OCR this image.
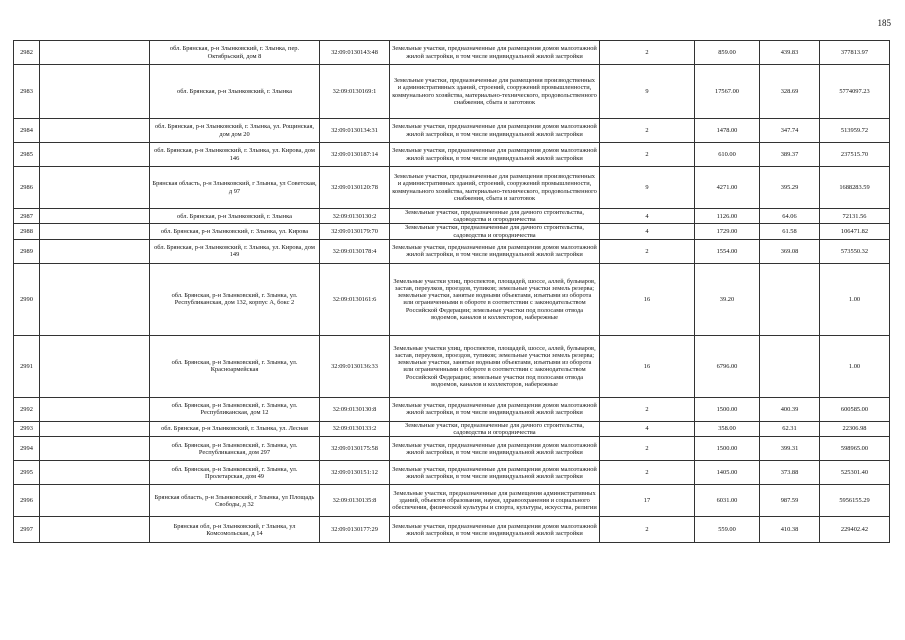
185
2982		обл. Брянская, р-н Злынковский, г. Злынка, пер. Октябрьский, дом 8	32:09:0130143:48	Земельные участки, предназначенные для размещения домов малоэтажной жилой застройки, в том числе индивидуальной жилой застройки	2	859.00	439.83	377813.97
2983		обл. Брянская, р-н Злынковский, г. Злынка	32:09:0130169:1	Земельные участки, предназначенные для размещения производственных и административных зданий, строений, сооружений промышленности, коммунального хозяйства, материально-технического, продовольственного снабжения, сбыта и заготовок	9	17567.00	328.69	5774097.23
2984		обл. Брянская, р-н Злынковский, г. Злынка, ул. Рощинская, дом дом 20	32:09:0130134:31	Земельные участки, предназначенные для размещения домов малоэтажной жилой застройки, в том числе индивидуальной жилой застройки	2	1478.00	347.74	513959.72
2985		обл. Брянская, р-н Злынковский, г. Злынка, ул. Кирова, дом 146	32:09:0130187:14	Земельные участки, предназначенные для размещения домов малоэтажной жилой застройки, в том числе индивидуальной жилой застройки	2	610.00	389.37	237515.70
2986		Брянская область, р-н Злынковский, г Злынка, ул Советская, д 97	32:09:0130120:78	Земельные участки, предназначенные для размещения производственных и административных зданий, строений, сооружений промышленности, коммунального хозяйства, материально-технического, продовольственного снабжения, сбыта и заготовок	9	4271.00	395.29	1688283.59
2987		обл. Брянская, р-н Злынковский, г. Злынка	32:09:0130130:2	Земельные участки, предназначенные для дачного строительства, садоводства и огородничества	4	1126.00	64.06	72131.56
2988		обл. Брянская, р-н Злынковский, г. Злынка, ул. Кирова	32:09:0130179:70	Земельные участки, предназначенные для дачного строительства, садоводства и огородничества	4	1729.00	61.58	106471.82
2989		обл. Брянская, р-н Злынковский, г. Злынка, ул. Кирова, дом 149	32:09:0130178:4	Земельные участки, предназначенные для размещения домов малоэтажной жилой застройки, в том числе индивидуальной жилой застройки	2	1554.00	369.08	573550.32
2990		обл. Брянская, р-н Злынковский, г. Злынка, ул. Республиканская, дом 132, корпус А, бокс 2	32:09:0130161:6	Земельные участки улиц, проспектов, площадей, шоссе, аллей, бульваров, застав, переулков, проездов, тупиков; земельные участки земель резерва; земельные участки, занятые водными объектами, изъятыми из оборота или ограниченными в обороте в соответствии с законодательством Российской Федерации; земельные участки под полосами отвода водоемов, каналов и коллекторов, набережные	16	39.20		1.00
2991		обл. Брянская, р-н Злынковский, г. Злынка, ул. Красноармейская	32:09:0130136:33	Земельные участки улиц, проспектов, площадей, шоссе, аллей, бульваров, застав, переулков, проездов, тупиков; земельные участки земель резерва; земельные участки, занятые водными объектами, изъятыми из оборота или ограниченными в обороте в соответствии с законодательством Российской Федерации; земельные участки под полосами отвода водоемов, каналов и коллекторов, набережные	16	6796.00		1.00
2992		обл. Брянская, р-н Злынковский, г. Злынка, ул. Республиканская, дом 12	32:09:0130130:8	Земельные участки, предназначенные для размещения домов малоэтажной жилой застройки, в том числе индивидуальной жилой застройки	2	1500.00	400.39	600585.00
2993		обл. Брянская, р-н Злынковский, г. Злынка, ул. Лесная	32:09:0130133:2	Земельные участки, предназначенные для дачного строительства, садоводства и огородничества	4	358.00	62.31	22306.98
2994		обл. Брянская, р-н Злынковский, г. Злынка, ул. Республиканская, дом 297	32:09:0130175:58	Земельные участки, предназначенные для размещения домов малоэтажной жилой застройки, в том числе индивидуальной жилой застройки	2	1500.00	399.31	598965.00
2995		обл. Брянская, р-н Злынковский, г. Злынка, ул. Пролетарская, дом 49	32:09:0130151:12	Земельные участки, предназначенные для размещения домов малоэтажной жилой застройки, в том числе индивидуальной жилой застройки	2	1405.00	373.88	525301.40
2996		Брянская область, р-н Злынковский, г Злынка, ул Площадь Свободы, д 32	32:09:0130135:8	Земельные участки, предназначенные для размещения административных зданий, объектов образования, науки, здравоохранения и социального обеспечения, физической культуры и спорта, культуры, искусства, религии	17	6031.00	987.59	5956155.29
2997		Брянская обл, р-н Злынковский, г Злынка, ул Комсомольская, д 14	32:09:0130177:29	Земельные участки, предназначенные для размещения домов малоэтажной жилой застройки, в том числе индивидуальной жилой застройки	2	559.00	410.38	229402.42
